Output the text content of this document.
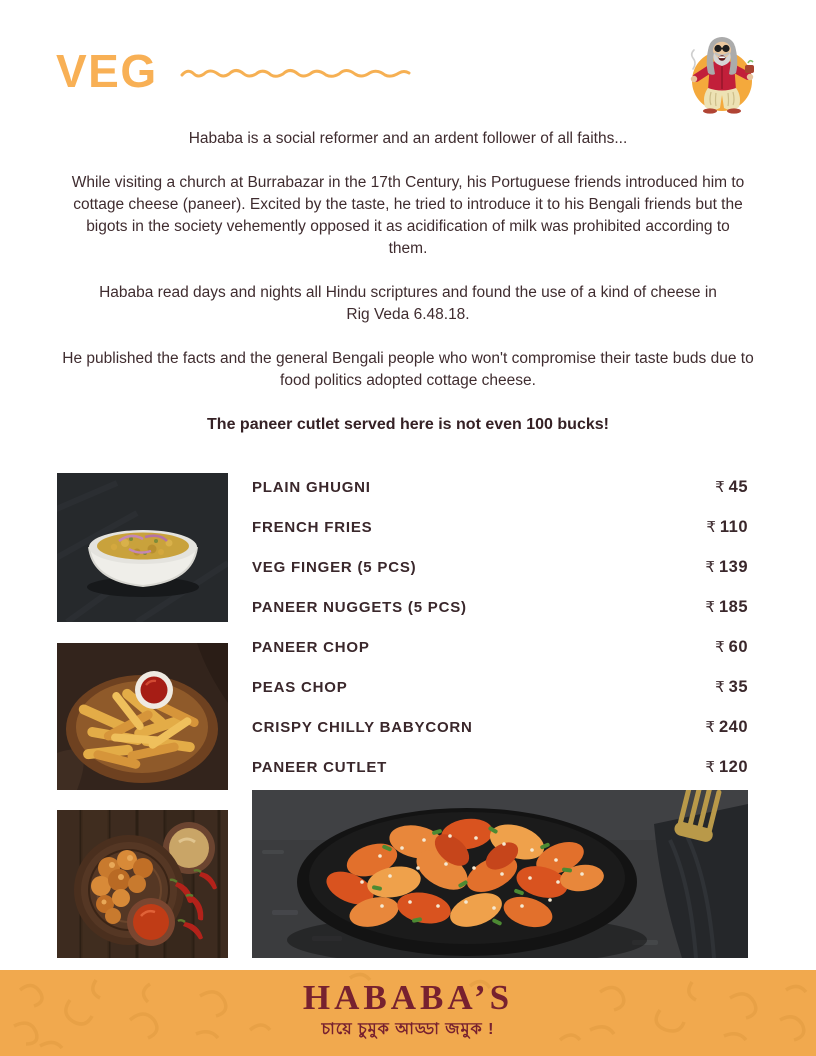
VEG

Hababa is a social reformer and an ardent follower of all faiths...

While visiting a church at Burrabazar in the 17th Century, his Portuguese friends introduced him to cottage cheese (paneer). Excited by the taste, he tried to introduce it to his Bengali friends but the bigots in the society vehemently opposed it as acidification of milk was prohibited according to them.

Hababa read days and nights all Hindu scriptures and found the use of a kind of cheese in Rig Veda 6.48.18.

He published the facts and the general Bengali people who won't compromise their taste buds due to food politics adopted cottage cheese.

The paneer cutlet served here is not even 100 bucks!
PLAIN GHUGNI	₹ 45
FRENCH FRIES	₹ 110
VEG FINGER (5 PCS)	₹ 139
PANEER NUGGETS (5 PCS)	₹ 185
PANEER CHOP	₹ 60
PEAS CHOP	₹ 35
CRISPY CHILLY BABYCORN	₹ 240
PANEER CUTLET	₹ 120
HABABA’S
চায়ে চুমুক আড্ডা জমুক !
